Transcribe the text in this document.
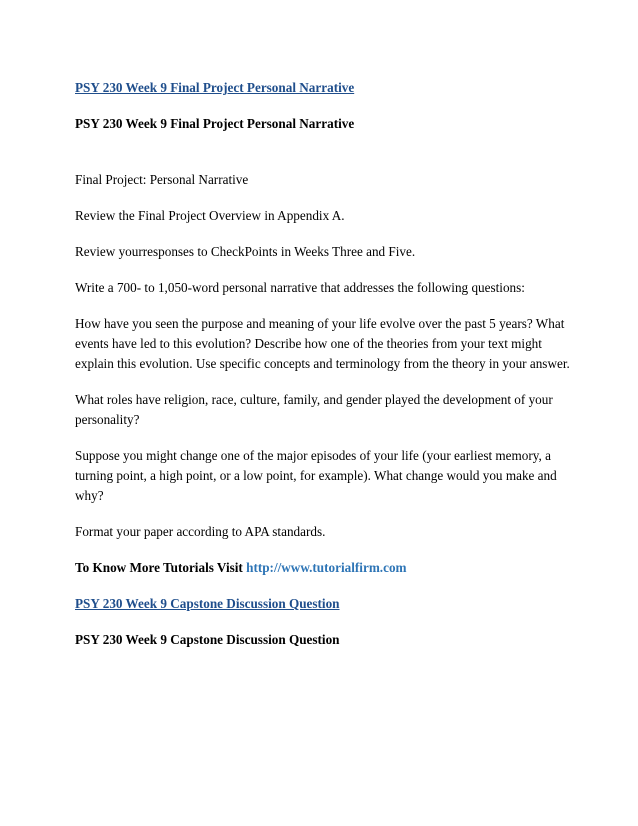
PSY 230 Week 9 Final Project Personal Narrative

PSY 230 Week 9 Final Project Personal Narrative

Final Project: Personal Narrative

Review the Final Project Overview in Appendix A.

Review yourresponses to CheckPoints in Weeks Three and Five.

Write a 700- to 1,050-word personal narrative that addresses the following questions:

How have you seen the purpose and meaning of your life evolve over the past 5 years? What events have led to this evolution? Describe how one of the theories from your text might explain this evolution. Use specific concepts and terminology from the theory in your answer.

What roles have religion, race, culture, family, and gender played the development of your personality?

Suppose you might change one of the major episodes of your life (your earliest memory, a turning point, a high point, or a low point, for example). What change would you make and why?

Format your paper according to APA standards.

To Know More Tutorials Visit http://www.tutorialfirm.com

PSY 230 Week 9 Capstone Discussion Question

PSY 230 Week 9 Capstone Discussion Question
